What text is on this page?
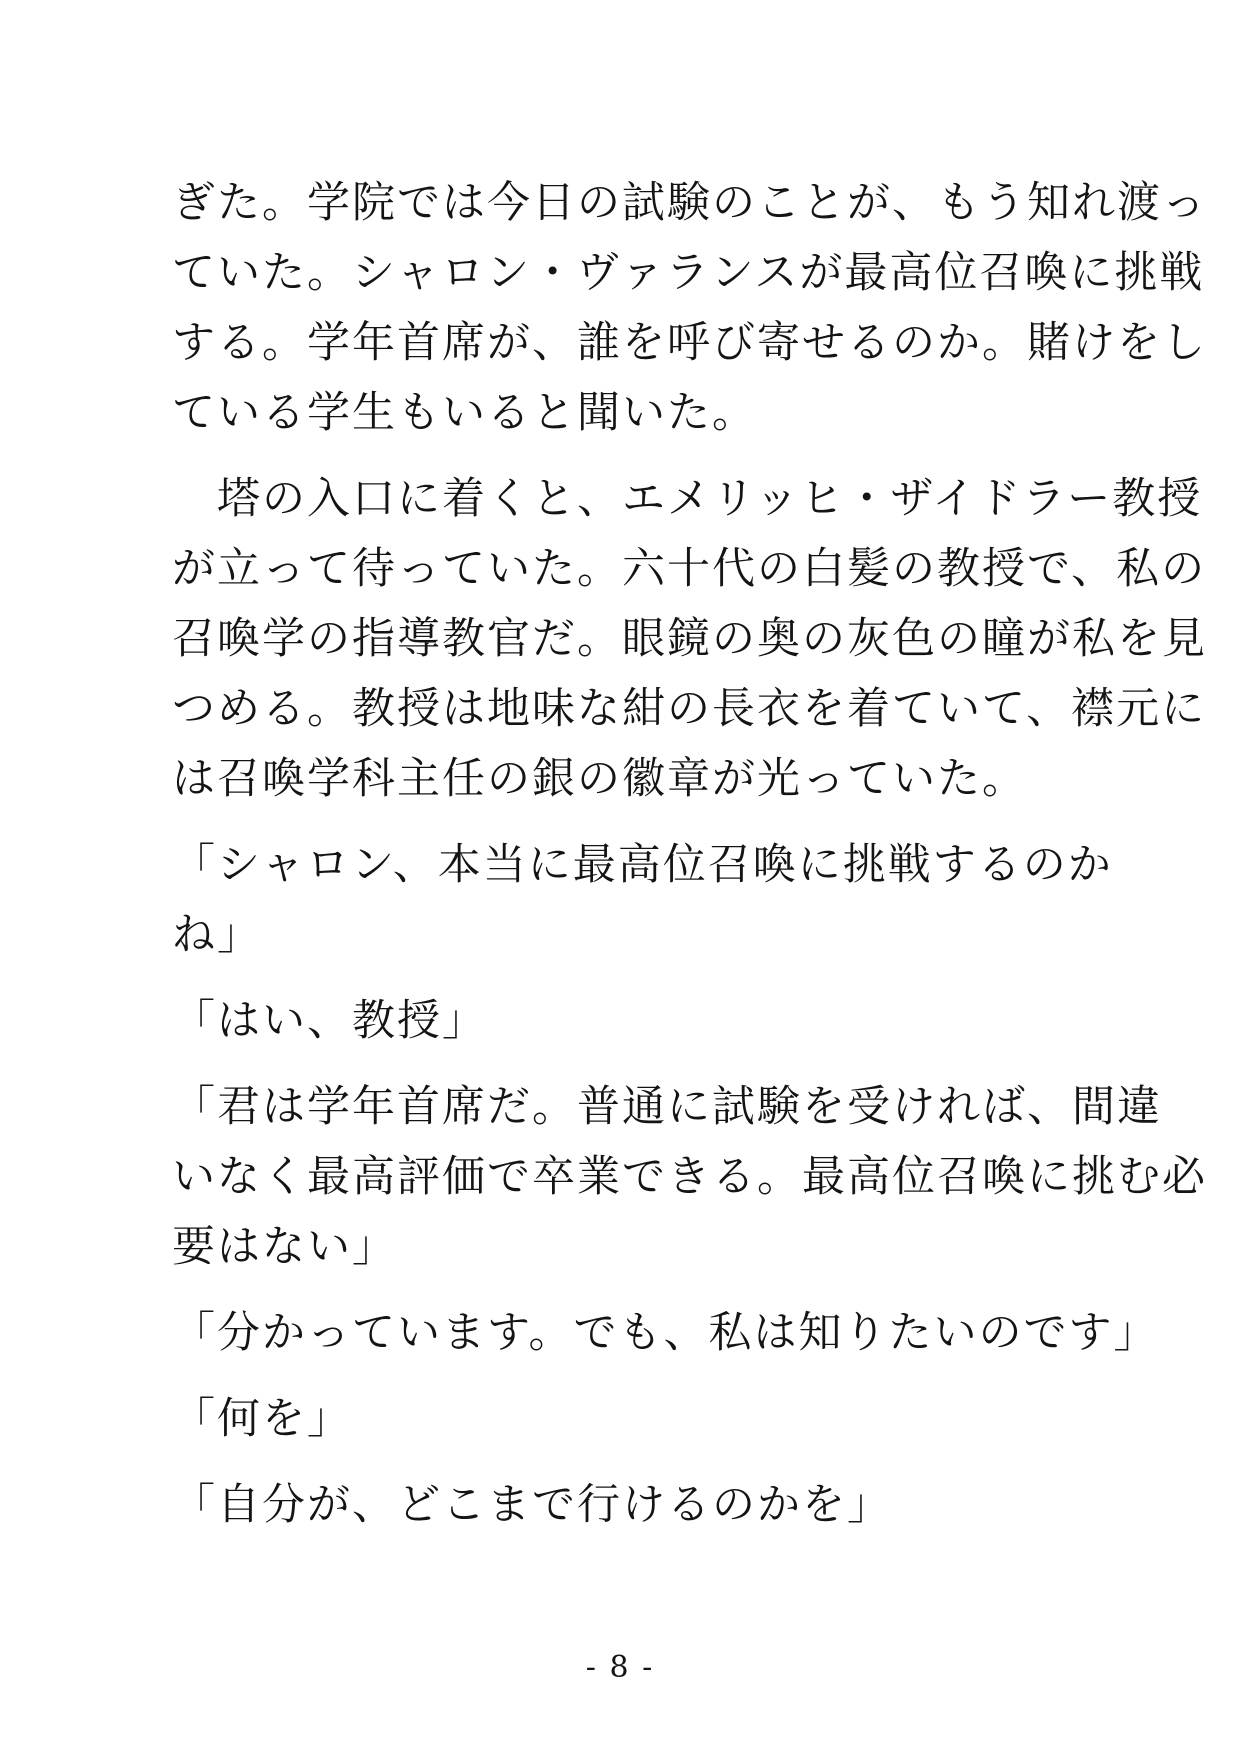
ぎた。学院では今日の試験のことが、もう知れ渡っ
ていた。シャロン・ヴァランスが最高位召喚に挑戦
する。学年首席が、誰を呼び寄せるのか。賭けをし
ている学生もいると聞いた。
　塔の入口に着くと、エメリッヒ・ザイドラー教授
が立って待っていた。六十代の白髪の教授で、私の
召喚学の指導教官だ。眼鏡の奥の灰色の瞳が私を見
つめる。教授は地味な紺の長衣を着ていて、襟元に
は召喚学科主任の銀の徽章が光っていた。
「シャロン、本当に最高位召喚に挑戦するのか
ね」
「はい、教授」
「君は学年首席だ。普通に試験を受ければ、間違
いなく最高評価で卒業できる。最高位召喚に挑む必
要はない」
「分かっています。でも、私は知りたいのです」
「何を」
「自分が、どこまで行けるのかを」
- 8 -
